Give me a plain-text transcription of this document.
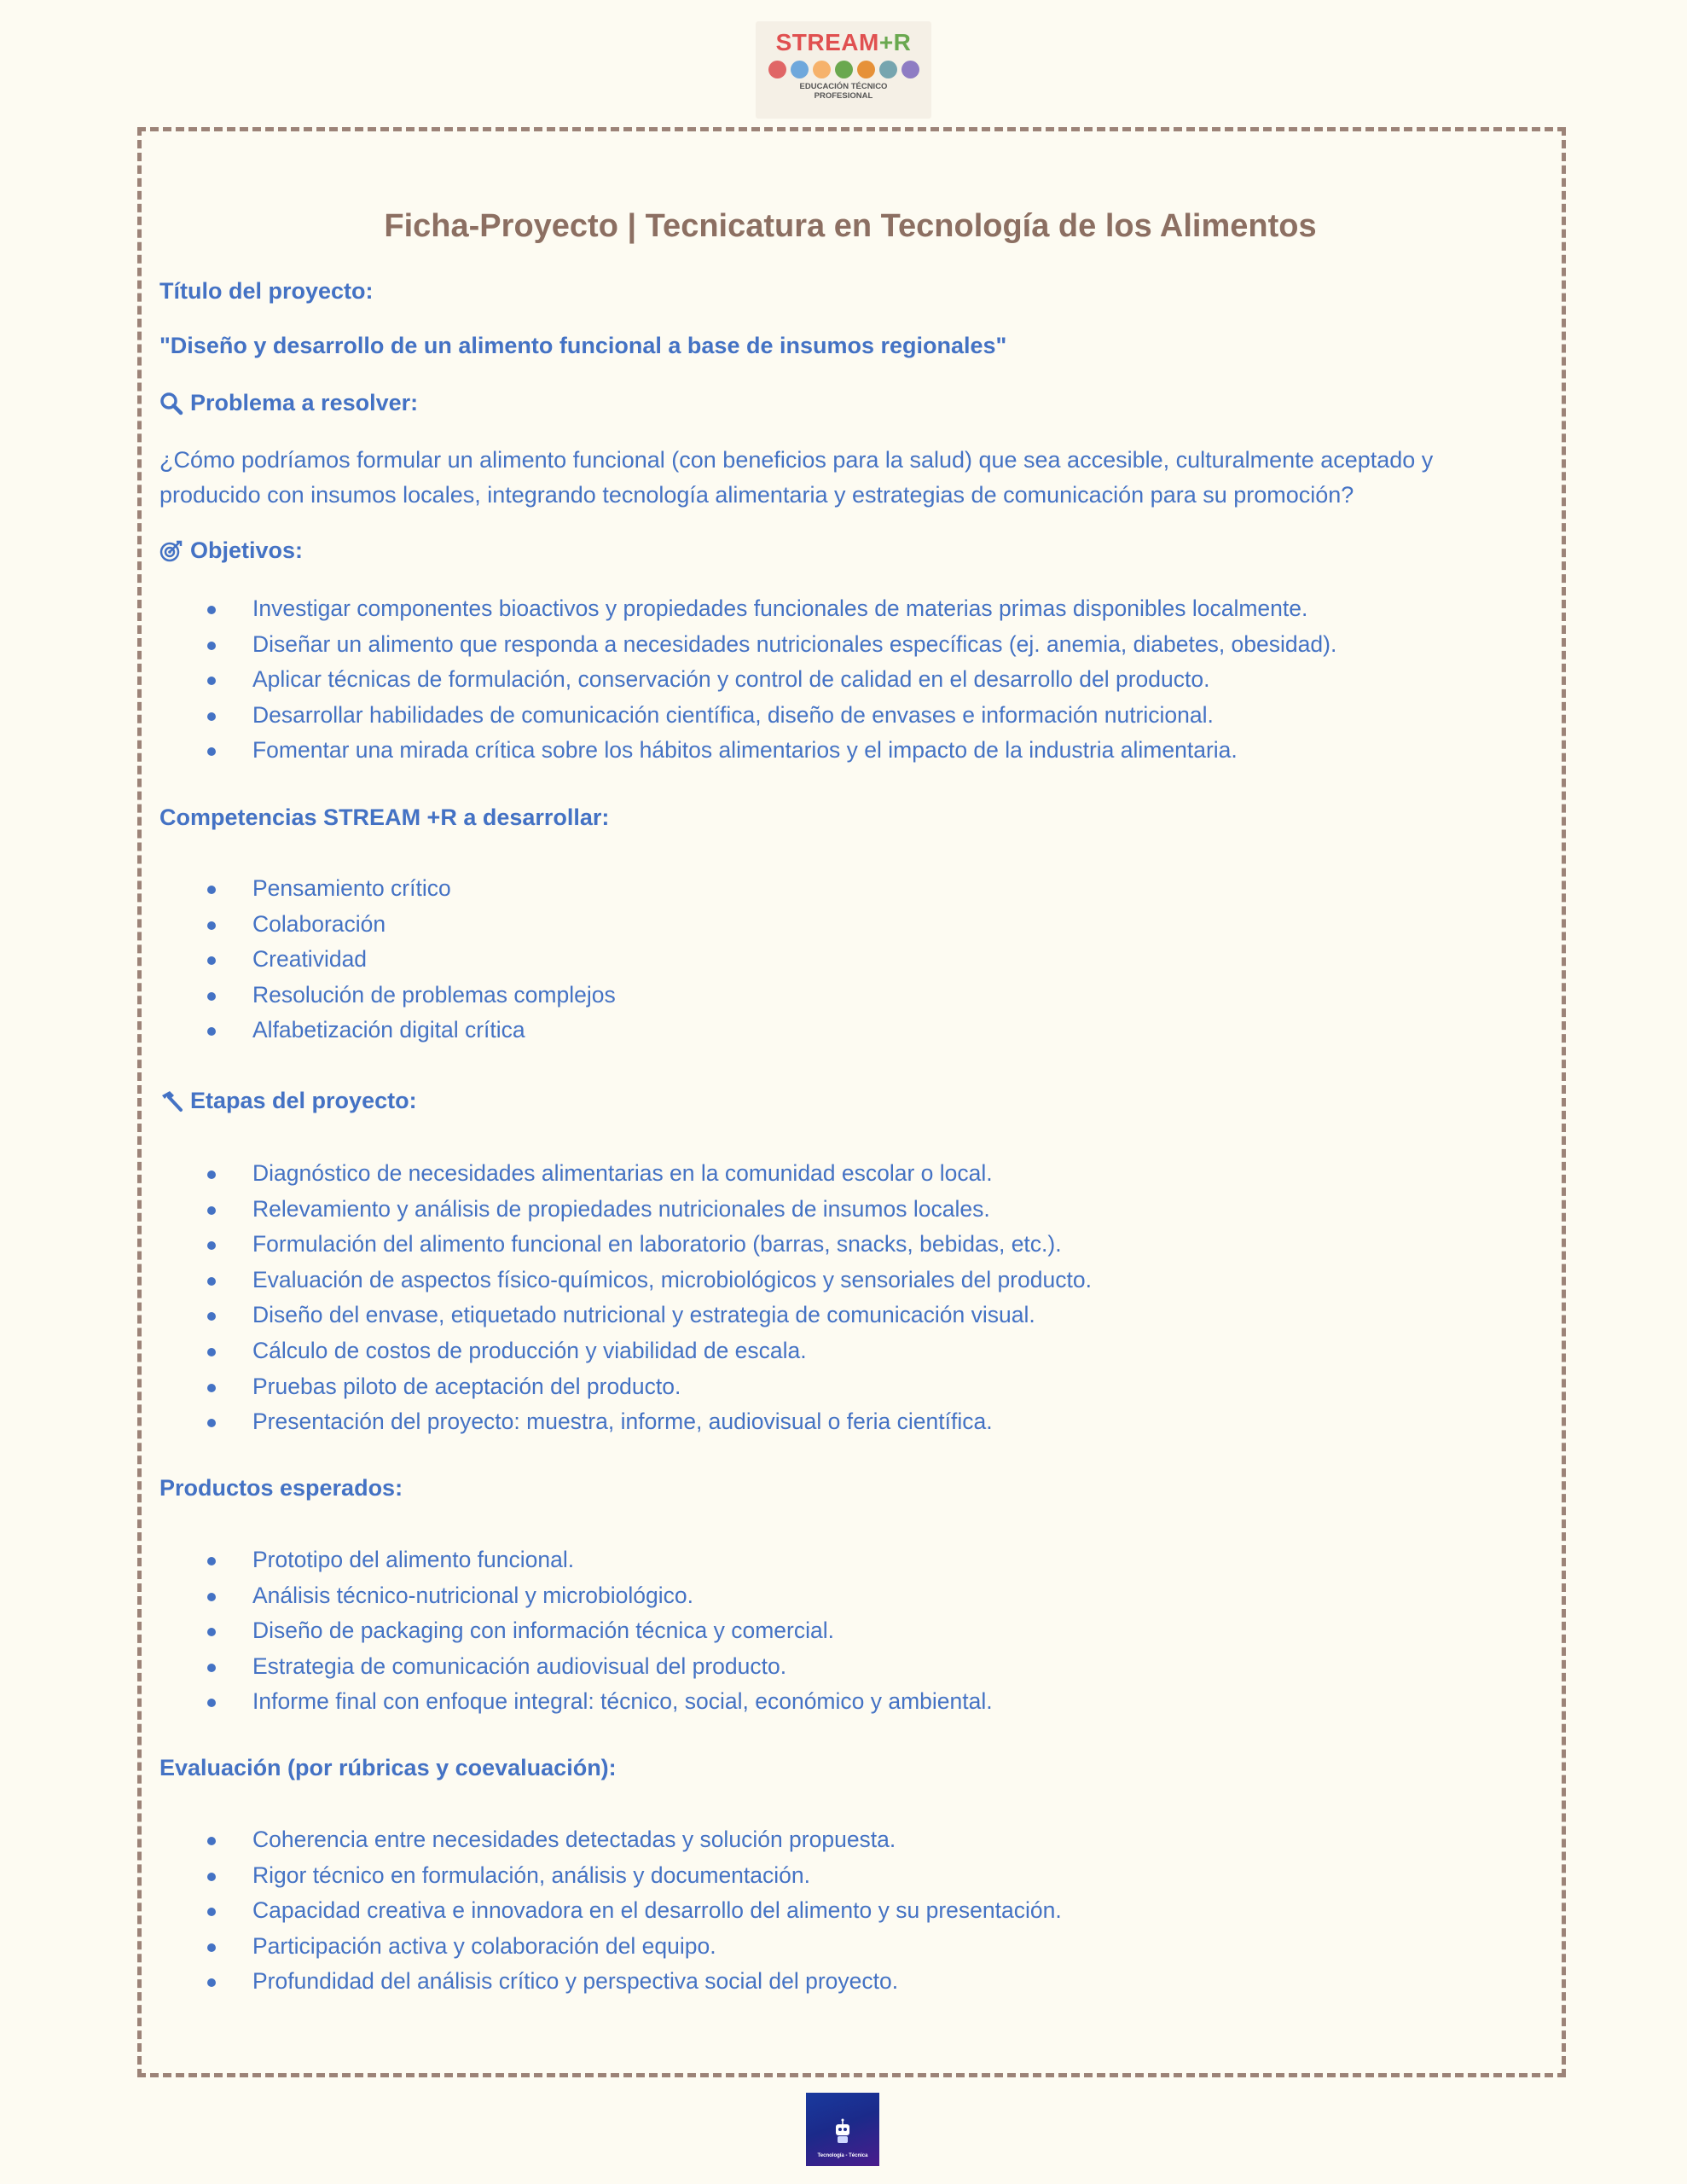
STREAM+R
EDUCACIÓN TÉCNICO
PROFESIONAL
Ficha-Proyecto | Tecnicatura en Tecnología de los Alimentos
Título del proyecto:
"Diseño y desarrollo de un alimento funcional a base de insumos regionales"
Problema a resolver:
¿Cómo podríamos formular un alimento funcional (con beneficios para la salud) que sea accesible, culturalmente aceptado y producido con insumos locales, integrando tecnología alimentaria y estrategias de comunicación para su promoción?
Objetivos:
Investigar componentes bioactivos y propiedades funcionales de materias primas disponibles localmente.
Diseñar un alimento que responda a necesidades nutricionales específicas (ej. anemia, diabetes, obesidad).
Aplicar técnicas de formulación, conservación y control de calidad en el desarrollo del producto.
Desarrollar habilidades de comunicación científica, diseño de envases e información nutricional.
Fomentar una mirada crítica sobre los hábitos alimentarios y el impacto de la industria alimentaria.
Competencias STREAM +R a desarrollar:
Pensamiento crítico
Colaboración
Creatividad
Resolución de problemas complejos
Alfabetización digital crítica
Etapas del proyecto:
Diagnóstico de necesidades alimentarias en la comunidad escolar o local.
Relevamiento y análisis de propiedades nutricionales de insumos locales.
Formulación del alimento funcional en laboratorio (barras, snacks, bebidas, etc.).
Evaluación de aspectos físico-químicos, microbiológicos y sensoriales del producto.
Diseño del envase, etiquetado nutricional y estrategia de comunicación visual.
Cálculo de costos de producción y viabilidad de escala.
Pruebas piloto de aceptación del producto.
Presentación del proyecto: muestra, informe, audiovisual o feria científica.
Productos esperados:
Prototipo del alimento funcional.
Análisis técnico-nutricional y microbiológico.
Diseño de packaging con información técnica y comercial.
Estrategia de comunicación audiovisual del producto.
Informe final con enfoque integral: técnico, social, económico y ambiental.
Evaluación (por rúbricas y coevaluación):
Coherencia entre necesidades detectadas y solución propuesta.
Rigor técnico en formulación, análisis y documentación.
Capacidad creativa e innovadora en el desarrollo del alimento y su presentación.
Participación activa y colaboración del equipo.
Profundidad del análisis crítico y perspectiva social del proyecto.
Tecnología - Técnica
